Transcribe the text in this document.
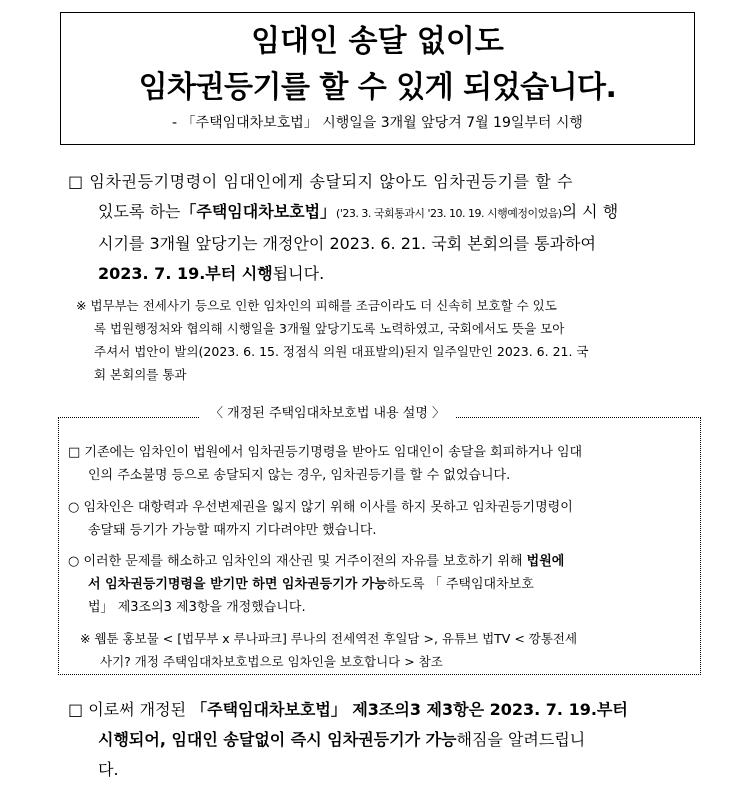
임대인 송달 없이도
임차권등기를 할 수 있게 되었습니다.
- 「주택임대차보호법」 시행일을 3개월 앞당겨 7월 19일부터 시행
□ 임차권등기명령이 임대인에게 송달되지 않아도 임차권등기를 할 수
있도록 하는「주택임대차보호법」('23. 3. 국회통과시 '23. 10. 19. 시행예정이었음)의 시 행
시기를 3개월 앞당기는 개정안이 2023. 6. 21. 국회 본회의를 통과하여
2023. 7. 19.부터 시행됩니다.
※ 법무부는 전세사기 등으로 인한 임차인의 피해를 조금이라도 더 신속히 보호할 수 있도
록 법원행정처와 협의해 시행일을 3개월 앞당기도록 노력하였고, 국회에서도 뜻을 모아
주셔서 법안이 발의(2023. 6. 15. 정점식 의원 대표발의)된지 일주일만인 2023. 6. 21. 국
회 본회의를 통과
〈 개정된 주택임대차보호법 내용 설명 〉
□ 기존에는 임차인이 법원에서 임차권등기명령을 받아도 임대인이 송달을 회피하거나 임대
인의 주소불명 등으로 송달되지 않는 경우, 임차권등기를 할 수 없었습니다.
○ 임차인은 대항력과 우선변제권을 잃지 않기 위해 이사를 하지 못하고 임차권등기명령이
송달돼 등기가 가능할 때까지 기다려야만 했습니다.
○ 이러한 문제를 해소하고 임차인의 재산권 및 거주이전의 자유를 보호하기 위해 법원에
서 임차권등기명령을 받기만 하면 임차권등기가 가능하도록 「 주택임대차보호
법」 제3조의3 제3항을 개정했습니다.
※ 웹툰 홍보물 < [법무부 x 루나파크] 루나의 전세역전 후일담 >, 유튜브 법TV < 깡통전세
사기? 개정 주택임대차보호법으로 임차인을 보호합니다 > 참조
□ 이로써 개정된 「주택임대차보호법」 제3조의3 제3항은 2023. 7. 19.부터
시행되어, 임대인 송달없이 즉시 임차권등기가 가능해짐을 알려드립니
다.
